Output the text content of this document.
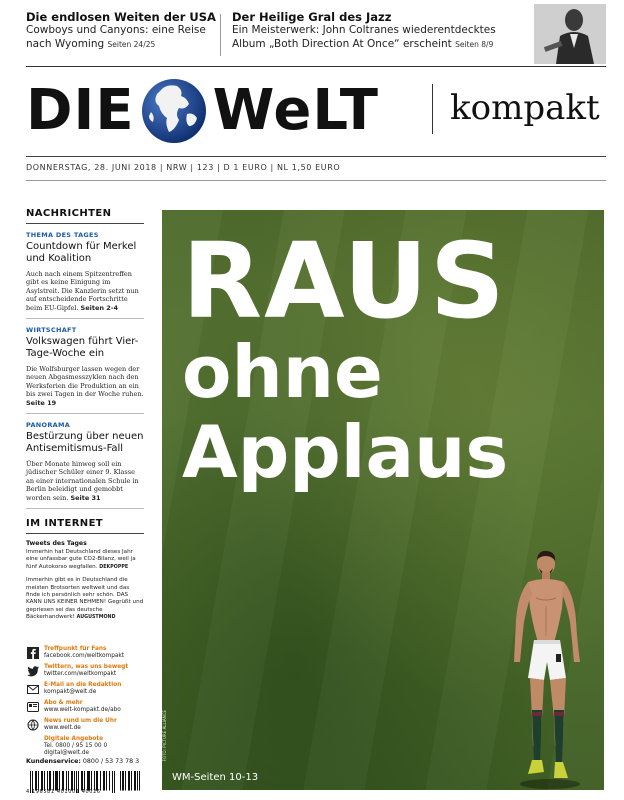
Die endlosen Weiten der USA
Cowboys und Canyons: eine Reise nach Wyoming Seiten 24/25
Der Heilige Gral des Jazz
Ein Meisterwerk: John Coltranes wiederentdecktes Album „Both Direction At Once“ erscheint Seiten 8/9
DIE WeLT kompakt
DONNERSTAG, 28. JUNI 2018 | NRW | 123 | D 1 EURO | NL 1,50 EURO
NACHRICHTEN
THEMA DES TAGES
Countdown für Merkel und Koalition
Auch nach einem Spitzentreffen gibt es keine Einigung im Asylstreit. Die Kanzlerin setzt nun auf entscheidende Fortschritte beim EU-Gipfel. Seiten 2-4
WIRTSCHAFT
Volkswagen führt Vier-Tage-Woche ein
Die Wolfsburger lassen wegen der neuen Abgasmesszyklen nach den Werksferien die Produktion an ein bis zwei Tagen in der Woche ruhen. Seite 19
PANORAMA
Bestürzung über neuen Antisemitismus-Fall
Über Monate hinweg soll ein jüdischer Schüler einer 9. Klasse an einer internationalen Schule in Berlin beleidigt und gemobbt worden sein. Seite 31
IM INTERNET
Tweets des Tages
Immerhin hat Deutschland dieses Jahr eine unfassbar gute CO2-Bilanz, weil ja fünf Autokorso wegfallen. DEKPOPPE
Immerhin gibt es in Deutschland die meisten Brotsorten weltweit und das finde ich persönlich sehr schön. DAS KANN UNS KEINER NEHMEN! Gegrüßt und gepriesen sei das deutsche Bäckerhandwerk! AUGUSTMOND
Treffpunkt für Fans
facebook.com/weltkompakt
Twittern, was uns bewegt
twitter.com/weltkompakt
E-Mail an die Redaktion
kompakt@welt.de
Abo & mehr
www.welt-kompakt.de/abo
News rund um die Uhr
www.welt.de
Digitale Angebote
Tel. 0800 / 95 15 00 0
digital@welt.de
Kundenservice: 0800 / 53 73 78 3
4 196581 401001 40026
RAUS
ohne
Applaus
FOTO: PICTURE ALLIANCE
WM-Seiten 10-13
